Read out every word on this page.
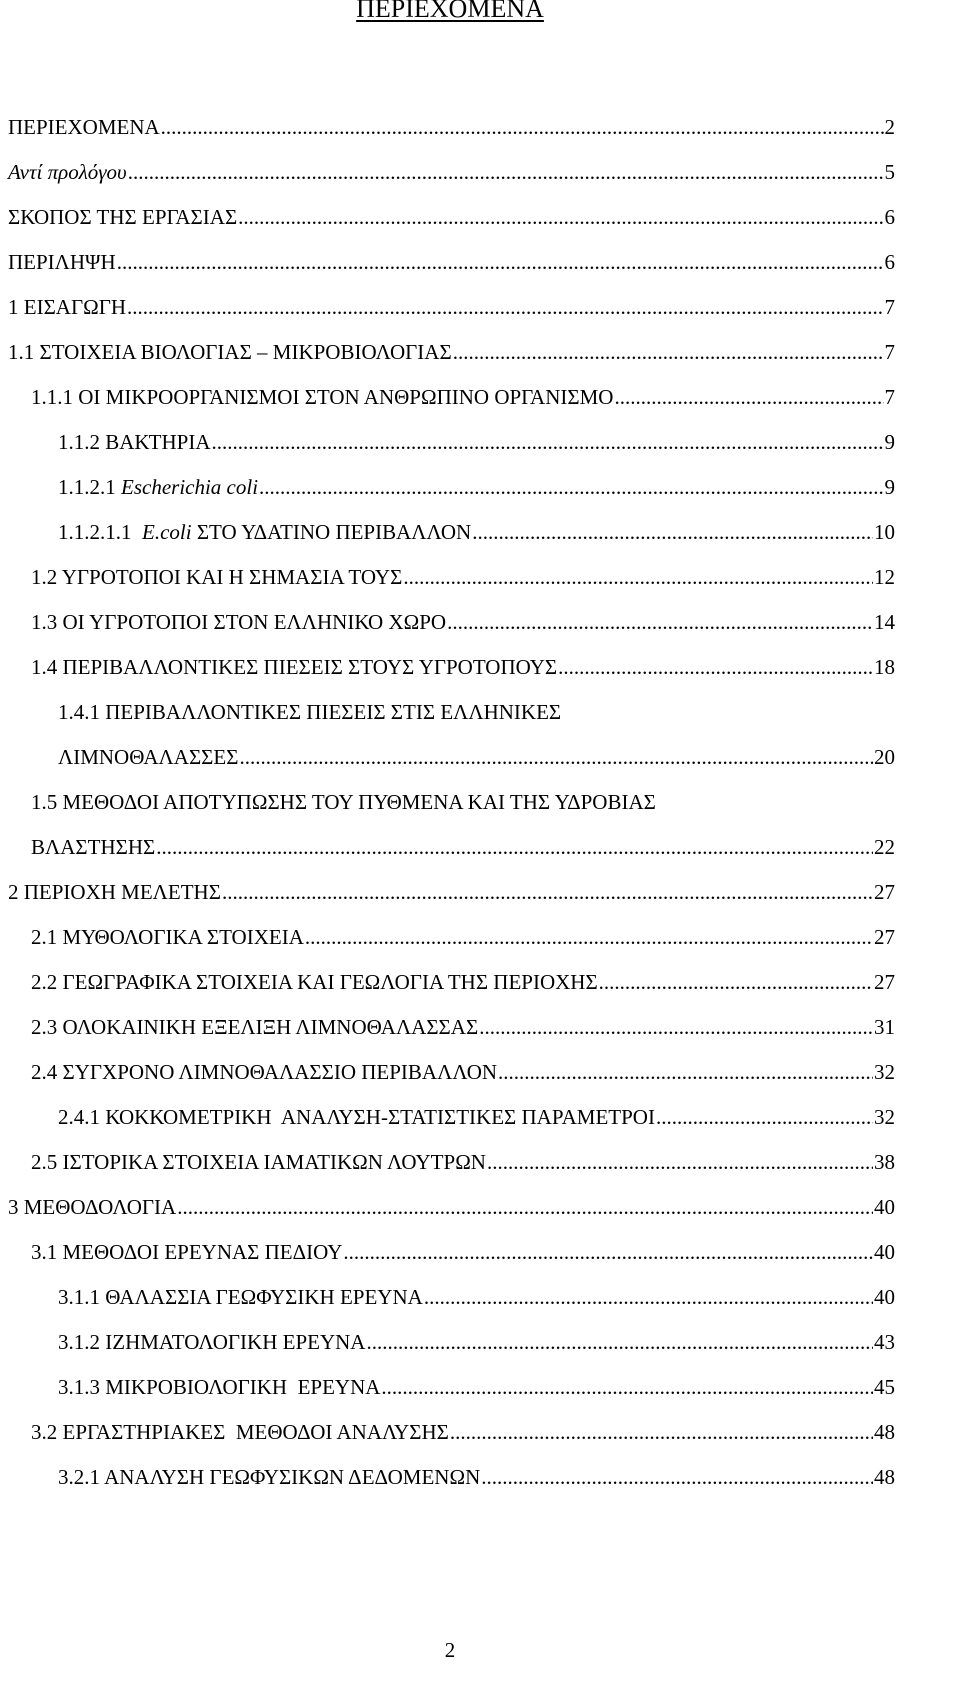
ΠΕΡΙΕΧΟΜΕΝΑ
ΠΕΡΙΕΧΟΜΕΝΑ .....	2
Αντί προλόγου .....	5
ΣΚΟΠΟΣ ΤΗΣ ΕΡΓΑΣΙΑΣ .....	6
ΠΕΡΙΛΗΨΗ .....	6
1 ΕΙΣΑΓΩΓΗ .....	7
1.1 ΣΤΟΙΧΕΙΑ ΒΙΟΛΟΓΙΑΣ – ΜΙΚΡΟΒΙΟΛΟΓΙΑΣ .....	7
1.1.1 ΟΙ ΜΙΚΡΟΟΡΓΑΝΙΣΜΟΙ ΣΤΟΝ ΑΝΘΡΩΠΙΝΟ ΟΡΓΑΝΙΣΜΟ .....	7
1.1.2 ΒΑΚΤΗΡΙΑ .....	9
1.1.2.1 Escherichia coli .....	9
1.1.2.1.1  E.coli ΣΤΟ ΥΔΑΤΙΝΟ ΠΕΡΙΒΑΛΛΟΝ .....	10
1.2 ΥΓΡΟΤΟΠΟΙ ΚΑΙ Η ΣΗΜΑΣΙΑ ΤΟΥΣ .....	12
1.3 ΟΙ ΥΓΡΟΤΟΠΟΙ ΣΤΟΝ ΕΛΛΗΝΙΚΟ ΧΩΡΟ .....	14
1.4 ΠΕΡΙΒΑΛΛΟΝΤΙΚΕΣ ΠΙΕΣΕΙΣ ΣΤΟΥΣ ΥΓΡΟΤΟΠΟΥΣ .....	18
1.4.1 ΠΕΡΙΒΑΛΛΟΝΤΙΚΕΣ ΠΙΕΣΕΙΣ ΣΤΙΣ ΕΛΛΗΝΙΚΕΣ
ΛΙΜΝΟΘΑΛΑΣΣΕΣ .....	20
1.5 ΜΕΘΟΔΟΙ ΑΠΟΤΥΠΩΣΗΣ ΤΟΥ ΠΥΘΜΕΝΑ ΚΑΙ ΤΗΣ ΥΔΡΟΒΙΑΣ
ΒΛΑΣΤΗΣΗΣ .....	22
2 ΠΕΡΙΟΧΗ ΜΕΛΕΤΗΣ .....	27
2.1 ΜΥΘΟΛΟΓΙΚΑ ΣΤΟΙΧΕΙΑ .....	27
2.2 ΓΕΩΓΡΑΦΙΚΑ ΣΤΟΙΧΕΙΑ ΚΑΙ ΓΕΩΛΟΓΙΑ ΤΗΣ ΠΕΡΙΟΧΗΣ .....	27
2.3 ΟΛΟΚΑΙΝΙΚΗ ΕΞΕΛΙΞΗ ΛΙΜΝΟΘΑΛΑΣΣΑΣ .....	31
2.4 ΣΥΓΧΡΟΝΟ ΛΙΜΝΟΘΑΛΑΣΣΙΟ ΠΕΡΙΒΑΛΛΟΝ .....	32
2.4.1 ΚΟΚΚΟΜΕΤΡΙΚΗ  ΑΝΑΛΥΣΗ-ΣΤΑΤΙΣΤΙΚΕΣ ΠΑΡΑΜΕΤΡΟΙ .....	32
2.5 ΙΣΤΟΡΙΚΑ ΣΤΟΙΧΕΙΑ ΙΑΜΑΤΙΚΩΝ ΛΟΥΤΡΩΝ .....	38
3 ΜΕΘΟΔΟΛΟΓΙΑ .....	40
3.1 ΜΕΘΟΔΟΙ ΕΡΕΥΝΑΣ ΠΕΔΙΟΥ .....	40
3.1.1 ΘΑΛΑΣΣΙΑ ΓΕΩΦΥΣΙΚΗ ΕΡΕΥΝΑ .....	40
3.1.2 ΙΖΗΜΑΤΟΛΟΓΙΚΗ ΕΡΕΥΝΑ .....	43
3.1.3 ΜΙΚΡΟΒΙΟΛΟΓΙΚΗ  ΕΡΕΥΝΑ .....	45
3.2 ΕΡΓΑΣΤΗΡΙΑΚΕΣ  ΜΕΘΟΔΟΙ ΑΝΑΛΥΣΗΣ .....	48
3.2.1 ΑΝΑΛΥΣΗ ΓΕΩΦΥΣΙΚΩΝ ΔΕΔΟΜΕΝΩΝ .....	48
2
